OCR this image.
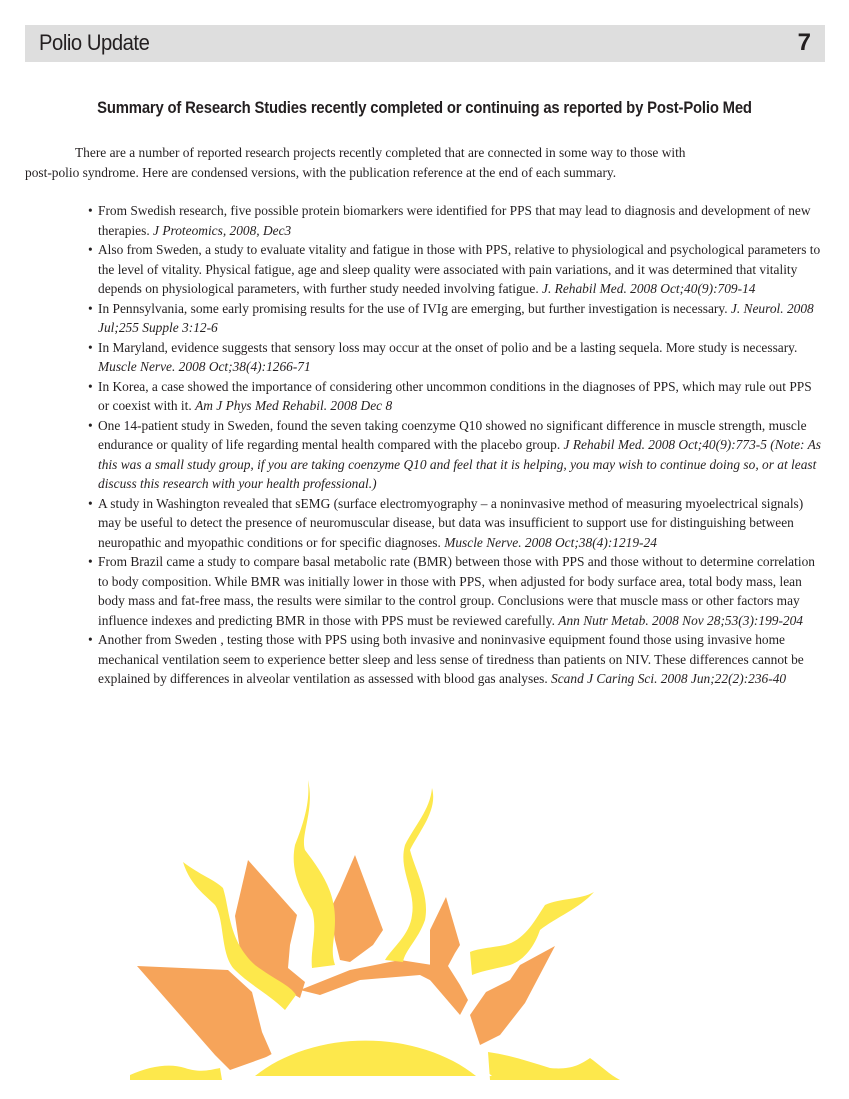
Polio Update	7
Summary of Research Studies recently completed or continuing as reported by Post-Polio Med
There are a number of reported research projects recently completed that are connected in some way to those with
post-polio syndrome. Here are condensed versions, with the publication reference at the end of each summary.

• From Swedish research, five possible protein biomarkers were identified for PPS that may lead to diagnosis and development of new therapies. J Proteomics, 2008, Dec3

• Also from Sweden, a study to evaluate vitality and fatigue in those with PPS, relative to physiological and psychological parameters to the level of vitality. Physical fatigue, age and sleep quality were associated with pain variations, and it was determined that vitality depends on physiological parameters, with further study needed involving fatigue. J. Rehabil Med. 2008 Oct;40(9):709-14

• In Pennsylvania, some early promising results for the use of IVIg are emerging, but further investigation is necessary. J. Neurol. 2008 Jul;255 Supple 3:12-6

• In Maryland, evidence suggests that sensory loss may occur at the onset of polio and be a lasting sequela. More study is necessary. Muscle Nerve. 2008 Oct;38(4):1266-71

• In Korea, a case showed the importance of considering other uncommon conditions in the diagnoses of PPS, which may rule out PPS or coexist with it. Am J Phys Med Rehabil. 2008 Dec 8

• One 14-patient study in Sweden, found the seven taking coenzyme Q10 showed no significant difference in muscle strength, muscle endurance or quality of life regarding mental health compared with the placebo group. J Rehabil Med. 2008 Oct;40(9):773-5 (Note: As this was a small study group, if you are taking coenzyme Q10 and feel that it is helping, you may wish to continue doing so, or at least discuss this research with your health professional.)

• A study in Washington revealed that sEMG (surface electromyography – a noninvasive method of measuring myoelectrical signals) may be useful to detect the presence of neuromuscular disease, but data was insufficient to support use for distinguishing between neuropathic and myopathic conditions or for specific diagnoses. Muscle Nerve. 2008 Oct;38(4):1219-24

• From Brazil came a study to compare basal metabolic rate (BMR) between those with PPS and those without to determine correlation to body composition. While BMR was initially lower in those with PPS, when adjusted for body surface area, total body mass, lean body mass and fat-free mass, the results were similar to the control group. Conclusions were that muscle mass or other factors may influence indexes and predicting BMR in those with PPS must be reviewed carefully. Ann Nutr Metab. 2008 Nov 28;53(3):199-204

• Another from Sweden , testing those with PPS using both invasive and noninvasive equipment found those using invasive home mechanical ventilation seem to experience better sleep and less sense of tiredness than patients on NIV. These differences cannot be explained by differences in alveolar ventilation as assessed with blood gas analyses. Scand J Caring Sci. 2008 Jun;22(2):236-40
